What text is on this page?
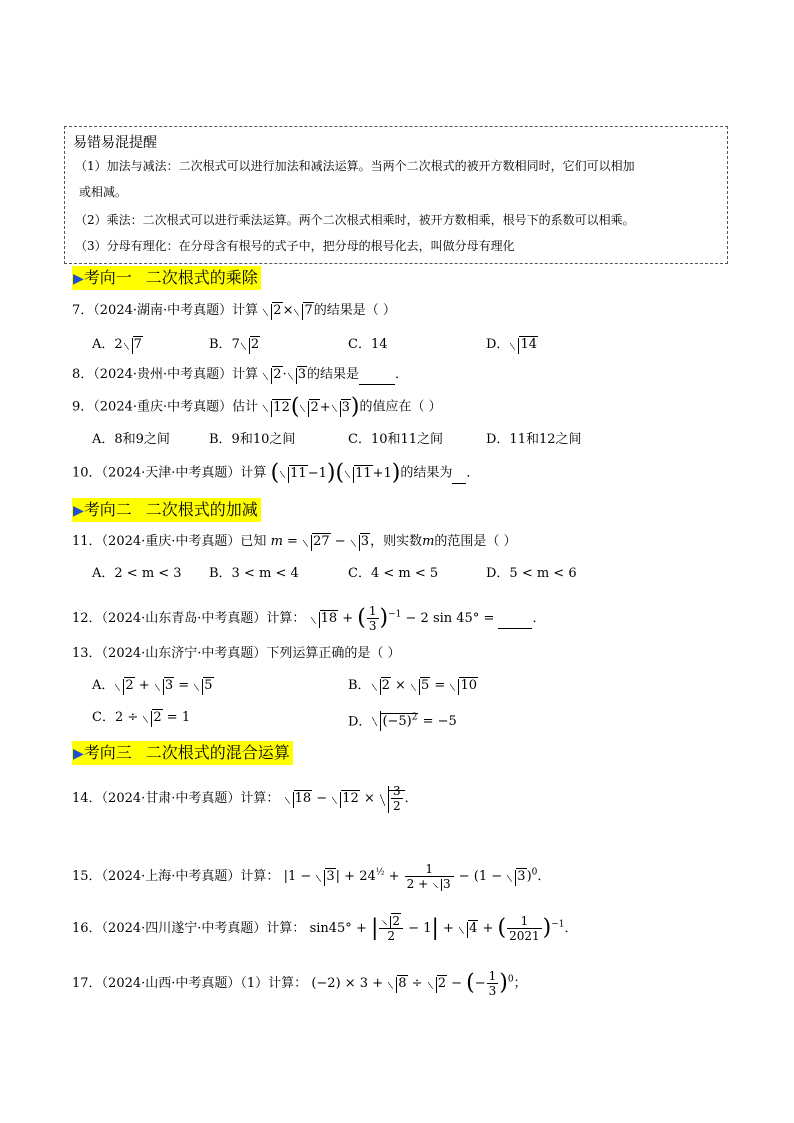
易错易混提醒
（1）加法与减法：二次根式可以进行加法和减法运算。当两个二次根式的被开方数相同时，它们可以相加
或相减。
（2）乘法：二次根式可以进行乘法运算。两个二次根式相乘时，被开方数相乘，根号下的系数可以相乘。
（3）分母有理化：在分母含有根号的式子中，把分母的根号化去，叫做分母有理化
▶考向一 二次根式的乘除
7．（2024·湖南·中考真题）计算 2× 7的结果是（ ）
A．2 7	B．7 2	C．14	D． 14
8．（2024·贵州·中考真题）计算 2· 3的结果是	．
9．（2024·重庆·中考真题）估计 12( 2+ 3)的值应在（ ）
A．8和9之间	B．9和10之间	C．10和11之间	D．11和12之间
10．（2024·天津·中考真题）计算 ( 11−1)( 11+1)的结果为 ．
▶考向二 二次根式的加减
11．（2024·重庆·中考真题）已知 m = 27 − 3，则实数m的范围是（ ）
A．2 < m < 3 B．3 < m < 4	C．4 < m < 5	D．5 < m < 6
12．（2024·山东青岛·中考真题）计算： 18 + ( $\frac{1}{3} )^{-1} - 2$ sin 45° =	．
13．（2024·山东济宁·中考真题）下列运算正确的是（ ）
A． 2 + 3 = 5	B． 2 × 5 = 10
C．2 ÷ 2 = 1	D． $(-5)^2 = -5$
▶考向三 二次根式的混合运算
14．（2024·甘肃·中考真题）计算： $18 - 12 \times \frac{3}{2}$ ．
15．（2024·上海·中考真题）计算： $|1 - 3| + 24^{\frac{1}{2}} + \frac{1}{2 + 3} - (1 - 3)^0$．
16．（2024·四川遂宁·中考真题）计算： sin45° + | $\frac{2}{2} - 1| + 4$ + ( $\frac{1}{2021} )^{-1}$．
17．（2024·山西·中考真题）（1）计算： (−2) × 3 + 8 ÷ 2 − (− $\frac{1}{3} )^0$；
